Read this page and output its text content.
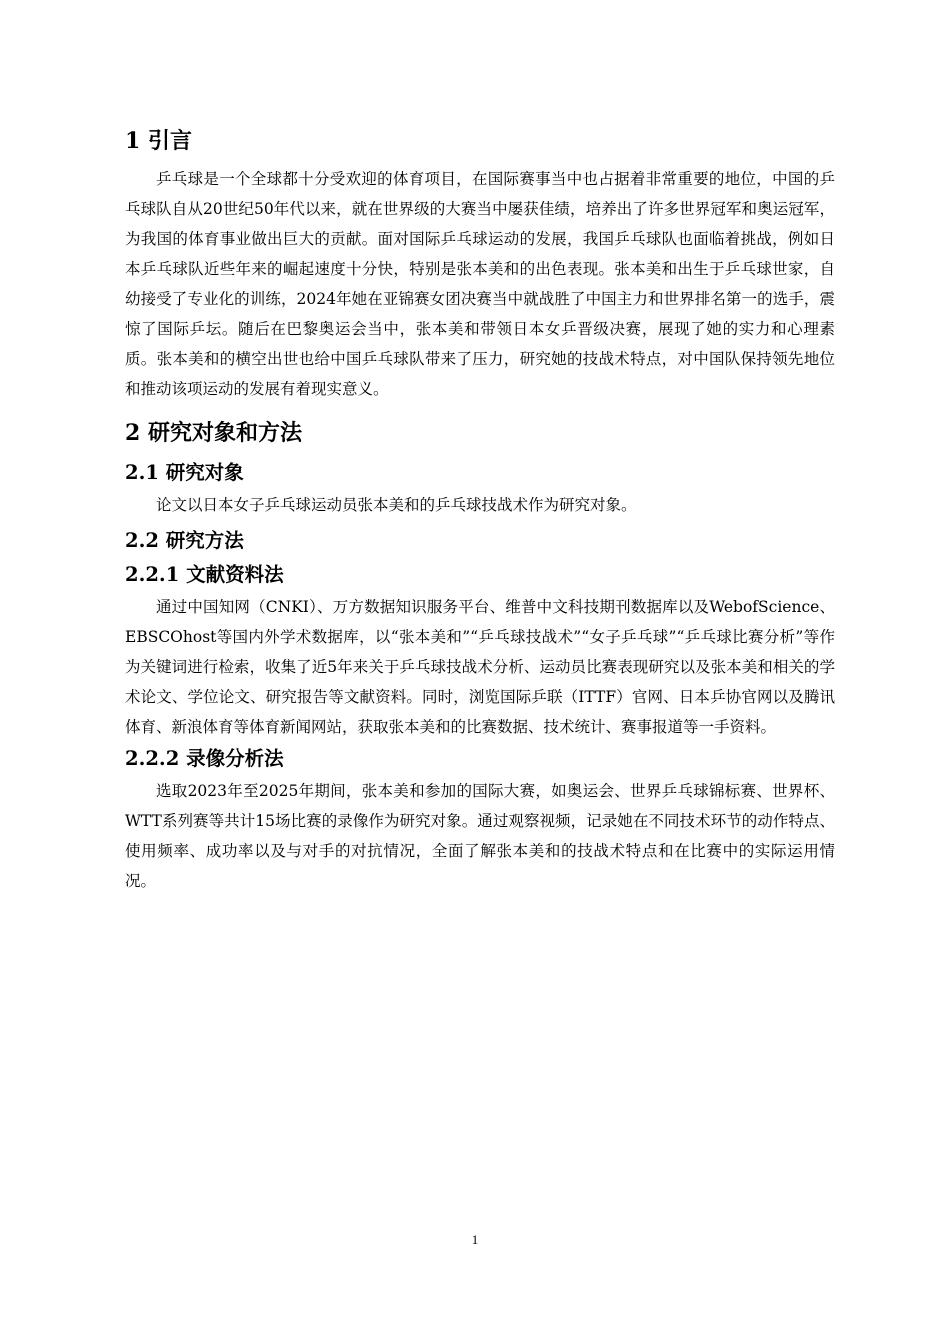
1 引言

乒乓球是一个全球都十分受欢迎的体育项目，在国际赛事当中也占据着非常重要的地位，中国的乒乓球队自从20世纪50年代以来，就在世界级的大赛当中屡获佳绩，培养出了许多世界冠军和奥运冠军，为我国的体育事业做出巨大的贡献。面对国际乒乓球运动的发展，我国乒乓球队也面临着挑战，例如日本乒乓球队近些年来的崛起速度十分快，特别是张本美和的出色表现。张本美和出生于乒乓球世家，自幼接受了专业化的训练，2024年她在亚锦赛女团决赛当中就战胜了中国主力和世界排名第一的选手，震惊了国际乒坛。随后在巴黎奥运会当中，张本美和带领日本女乒晋级决赛，展现了她的实力和心理素质。张本美和的横空出世也给中国乒乓球队带来了压力，研究她的技战术特点，对中国队保持领先地位和推动该项运动的发展有着现实意义。

2 研究对象和方法
2.1 研究对象

论文以日本女子乒乓球运动员张本美和的乒乓球技战术作为研究对象。

2.2 研究方法
2.2.1 文献资料法

通过中国知网（CNKI）、万方数据知识服务平台、维普中文科技期刊数据库以及WebofScience、EBSCOhost等国内外学术数据库，以“张本美和”“乒乓球技战术”“女子乒乓球”“乒乓球比赛分析”等作为关键词进行检索，收集了近5年来关于乒乓球技战术分析、运动员比赛表现研究以及张本美和相关的学术论文、学位论文、研究报告等文献资料。同时，浏览国际乒联（ITTF）官网、日本乒协官网以及腾讯体育、新浪体育等体育新闻网站，获取张本美和的比赛数据、技术统计、赛事报道等一手资料。

2.2.2 录像分析法

选取2023年至2025年期间，张本美和参加的国际大赛，如奥运会、世界乒乓球锦标赛、世界杯、WTT系列赛等共计15场比赛的录像作为研究对象。通过观察视频，记录她在不同技术环节的动作特点、使用频率、成功率以及与对手的对抗情况，全面了解张本美和的技战术特点和在比赛中的实际运用情况。

1
